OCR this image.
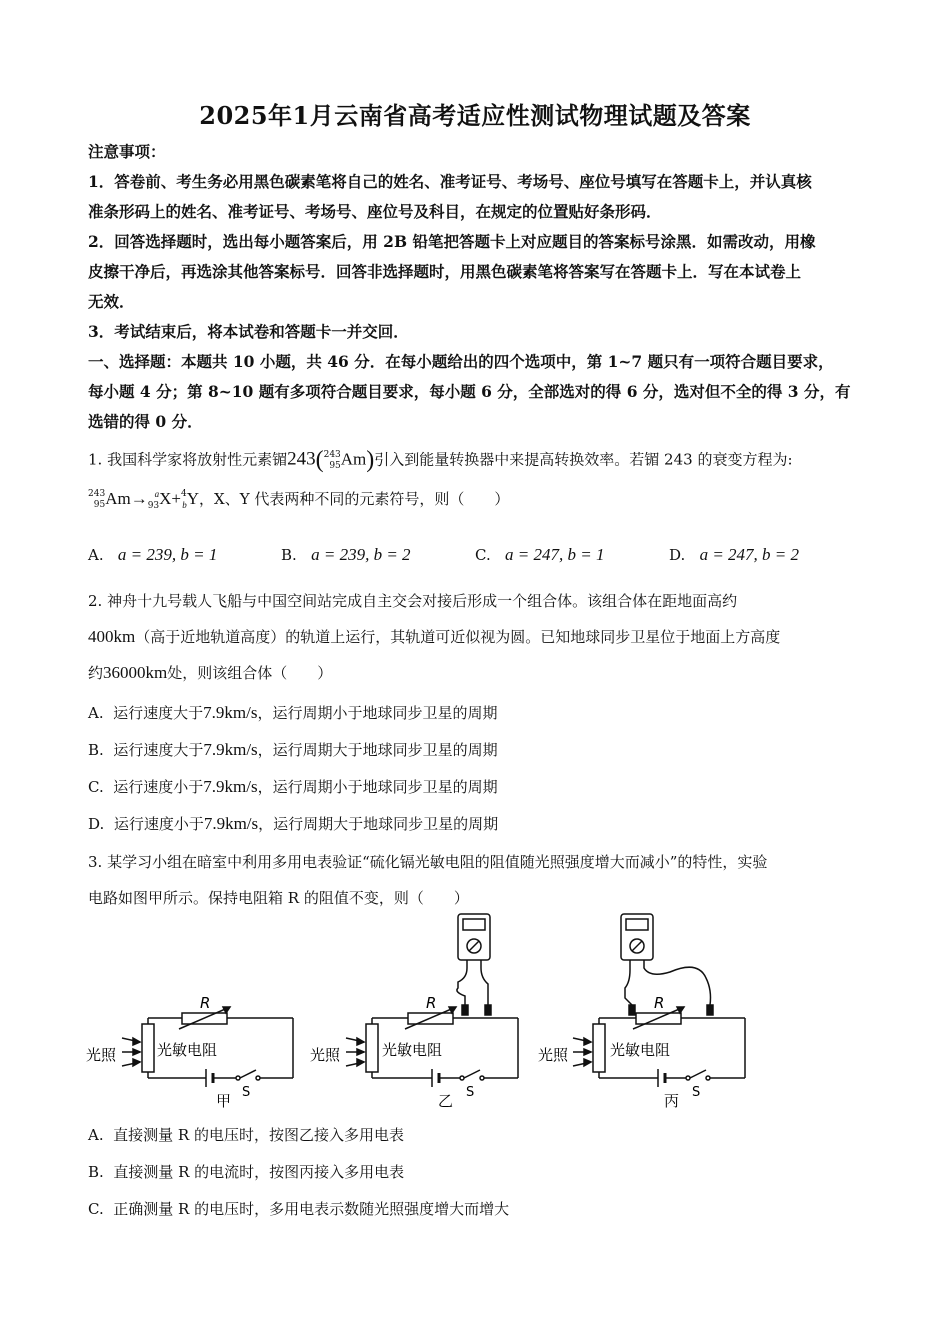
2025年1月云南省高考适应性测试物理试题及答案
注意事项：
1．答卷前、考生务必用黑色碳素笔将自己的姓名、准考证号、考场号、座位号填写在答题卡上，并认真核
准条形码上的姓名、准考证号、考场号、座位号及科目，在规定的位置贴好条形码．
2．回答选择题时，选出每小题答案后，用 2B 铅笔把答题卡上对应题目的答案标号涂黑．如需改动，用橡
皮擦干净后，再选涂其他答案标号．回答非选择题时，用黑色碳素笔将答案写在答题卡上．写在本试卷上
无效．
3．考试结束后，将本试卷和答题卡一并交回．
一、选择题：本题共 10 小题，共 46 分．在每小题给出的四个选项中，第 1~7 题只有一项符合题目要求，
每小题 4 分；第 8~10 题有多项符合题目要求，每小题 6 分，全部选对的得 6 分，选对但不全的得 3 分，有
选错的得 0 分．
1. 我国科学家将放射性元素镅243(243
95Am)引入到能量转换器中来提高转换效率。若镅 243 的衰变方程为:
243
95Am→ a
93X+4
bY，X、Y 代表两种不同的元素符号，则（　　）
A. a = 239, b = 1	B. a = 239, b = 2	C. a = 247, b = 1	D. a = 247, b = 2
2. 神舟十九号载人飞船与中国空间站完成自主交会对接后形成一个组合体。该组合体在距地面高约
400km（高于近地轨道高度）的轨道上运行，其轨道可近似视为圆。已知地球同步卫星位于地面上方高度
约36000km处，则该组合体（　　）
A. 运行速度大于7.9km/s，运行周期小于地球同步卫星的周期
B. 运行速度大于7.9km/s，运行周期大于地球同步卫星的周期
C. 运行速度小于7.9km/s，运行周期小于地球同步卫星的周期
D. 运行速度小于7.9km/s，运行周期大于地球同步卫星的周期
3. 某学习小组在暗室中利用多用电表验证“硫化镉光敏电阻的阻值随光照强度增大而减小”的特性，实验
电路如图甲所示。保持电阻箱 R 的阻值不变，则（　　）
R
光照	光敏电阻
S
甲
R
光照	光敏电阻
S
乙
R
光照	光敏电阻
S
丙
A. 直接测量 R 的电压时，按图乙接入多用电表
B. 直接测量 R 的电流时，按图丙接入多用电表
C. 正确测量 R 的电压时，多用电表示数随光照强度增大而增大
